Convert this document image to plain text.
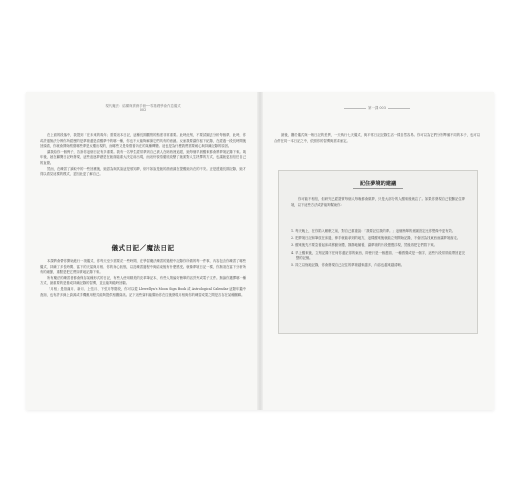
現代魔法：結構與實務手冊──零基礎學會作息儀式
002

在上面的段落中，我提到「在未來的幾年」需要這本日記，這種長期觀察的態度非常重要。此時此刻，不要試圖去分析每個夢，此時，你或許還無法分辨你所經歷的是夢境還是清醒夢中的哪一種，你也不太能夠解讀它們具有的意涵。反而我要讓你留下紀錄，在經過一段長時間後回頭看，你就會開始察覺哪些夢是反覆出現的，而哪些又是象徵著內在的某種轉變。這也是為什麼我們需要耐心與持續記錄的原因。

讓我給你一個例子，告訴你這個日記有多重要。我有一名學生經常夢到自己被人在暗巷裡追趕，她每個早晨醒來都會將夢境記錄下來。幾年後，她在翻閱日記時發現，這些追逐夢總是在她面臨重大決定前出現，而這份領悟徹底改變了她面對人生抉擇的方式，也讓她更加信任自己的直覺。

然而，在練習了讀取中的一些回應後，她認為與其說這是預知夢，倒不如說是她的潛意識在提醒她內在的不安。正是透過長期記錄，她才得以看見這樣的模式，並因此更了解自己。

儀式日記／魔法日記

本課將會帶你開始進行一項儀式，你每天至少需要花一些時間，在學習魔法練習的過程中記錄你所做的每一件事，內容包含你練習了哪些儀式、持續了多長時間、當下的天氣與月相、你的身心狀態，以及練習過程中與結束後有什麼感受。就像夢境日記一樣，你無須在當下分析所有的細節，重點是把它們如實地記錄下來。

所有魔法的練習者都會保存某種形式的日記，有些人使用精美的皮革筆記本，有些人則偏好簡單的活頁夾或電子文件。無論你選擇哪一種方式，最重要的是養成持續記錄的習慣，並且能夠隨時回顧。

「月相」是指滿月、新月、上弦月、下弦月等階段，你可以從 Llewellyn's Moon Sign Book 或 Astrological Calendar 這類年鑑中查詢，也有許多線上資源或手機應用程式能夠提供相關資訊。記下這些資料能幫助你在往後發現月相與你的練習成果之間是否存在某種關聯。

第一課 003

最後，關於儀式與一般日記的差異，一天執行七天儀式，與平常日記記錄生活一樣自然容易。你可以為它們分別準備不同的本子，也可以合併在同一本日記之中，依照你的習慣與需求而定。

記住夢境的建議

你可能不相信，但研究已經證實每個人每晚都會做夢，只是大部分的人醒來後就忘了。如果你發現自己很難記住夢境，以下這些方法或許能夠幫助你：

1. 每天晚上，在你陷入睡眠之前，對自己重複說：「我要記住我的夢。」這個簡單的意圖設定比你想像中更有效。
2. 把夢境日記和筆放在床邊，伸手就能拿到的地方，這樣醒來後就能立刻開始記錄，不會因為找東西而讓夢境溜走。
3. 醒來後先不要急著起床或移動身體，靜靜地躺著，讓夢境的片段慢慢浮現，然後再把它們寫下來。
4. 早上醒來後，立刻記錄下任何你還記得的東西，即使只是一個畫面、一種感覺或是一個字，這些片段常常能帶回更完整的記憶。
5. 持之以恆地記錄，你會發現自己記住的夢境越來越多，內容也越來越清晰。
